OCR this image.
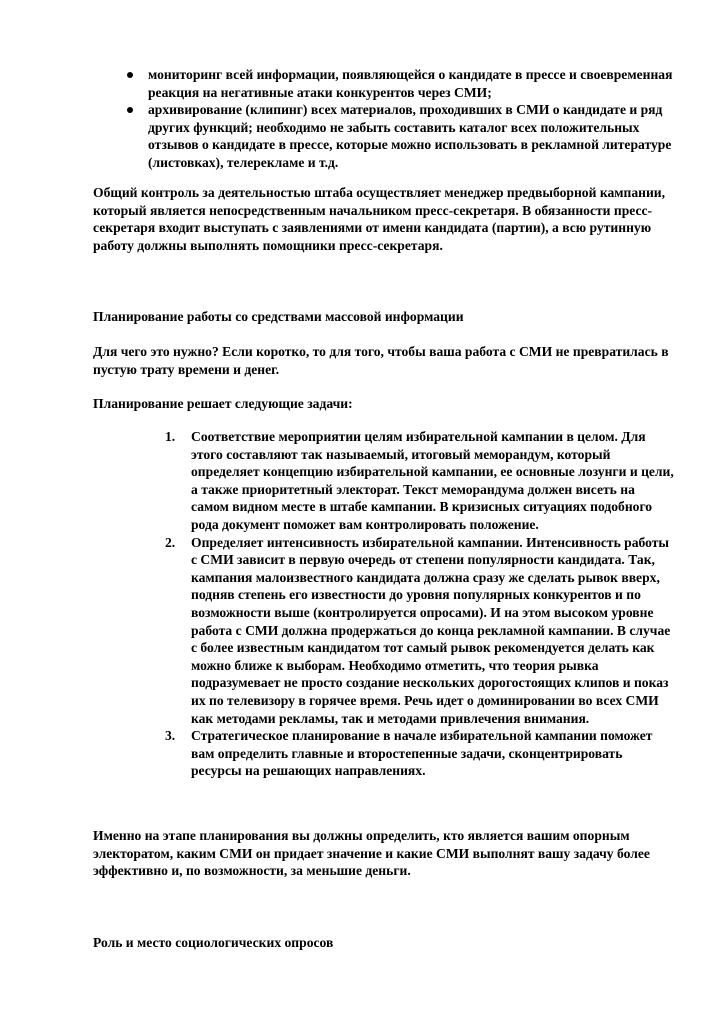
мониторинг всей информации, появляющейся о кандидате в прессе и своевременная реакция на негативные атаки конкурентов через СМИ;
архивирование (клипинг) всех материалов, проходивших в СМИ о кандидате и ряд других функций; необходимо не забыть составить каталог всех положительных отзывов о кандидате в прессе, которые можно использовать в рекламной литературе (листовках), телерекламе и т.д.

Общий контроль за деятельностью штаба осуществляет менеджер предвыборной кампании, который является непосредственным начальником пресс-секретаря. В обязанности пресс-секретаря входит выступать с заявлениями от имени кандидата (партии), а всю рутинную работу должны выполнять помощники пресс-секретаря.

Планирование работы со средствами массовой информации

Для чего это нужно? Если коротко, то для того, чтобы ваша работа с СМИ не превратилась в пустую трату времени и денег.

Планирование решает следующие задачи:

1. Соответствие мероприятии целям избирательной кампании в целом. Для этого составляют так называемый, итоговый меморандум, который определяет концепцию избирательной кампании, ее основные лозунги и цели, а также приоритетный электорат. Текст меморандума должен висеть на самом видном месте в штабе кампании. В кризисных ситуациях подобного рода документ поможет вам контролировать положение.
2. Определяет интенсивность избирательной кампании. Интенсивность работы с СМИ зависит в первую очередь от степени популярности кандидата. Так, кампания малоизвестного кандидата должна сразу же сделать рывок вверх, подняв степень его известности до уровня популярных конкурентов и по возможности выше (контролируется опросами). И на этом высоком уровне работа с СМИ должна продержаться до конца рекламной кампании. В случае с более известным кандидатом тот самый рывок рекомендуется делать как можно ближе к выборам. Необходимо отметить, что теория рывка подразумевает не просто создание нескольких дорогостоящих клипов и показ их по телевизору в горячее время. Речь идет о доминировании во всех СМИ как методами рекламы, так и методами привлечения внимания.
3. Стратегическое планирование в начале избирательной кампании поможет вам определить главные и второстепенные задачи, сконцентрировать ресурсы на решающих направлениях.

Именно на этапе планирования вы должны определить, кто является вашим опорным электоратом, каким СМИ он придает значение и какие СМИ выполнят вашу задачу более эффективно и, по возможности, за меньшие деньги.

Роль и место социологических опросов
